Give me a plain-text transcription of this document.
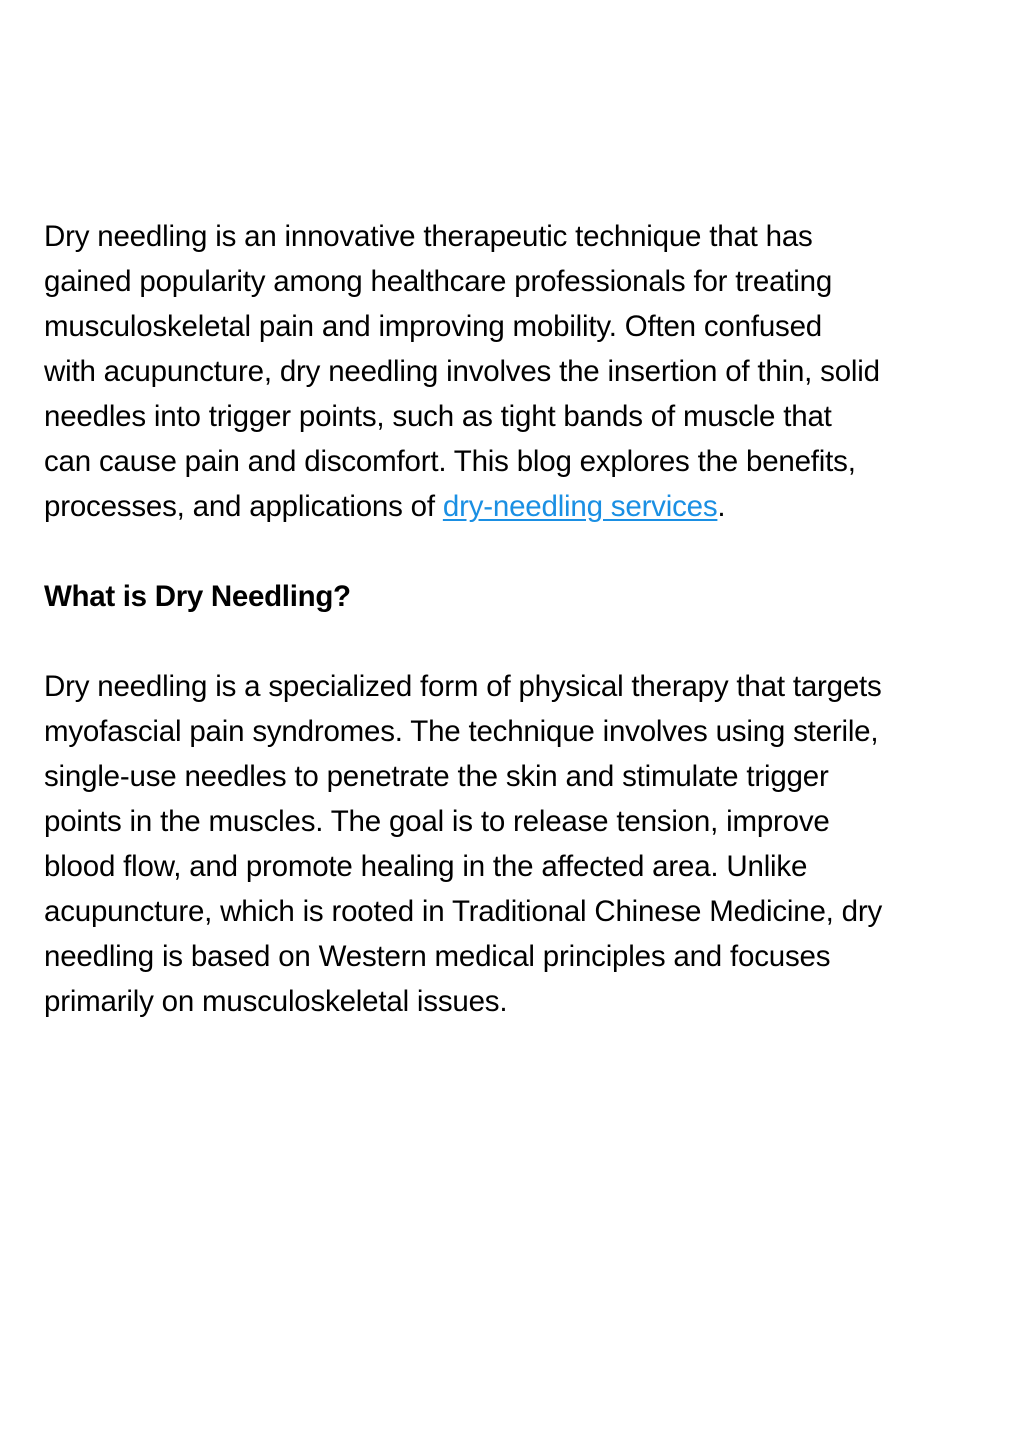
Dry needling is an innovative therapeutic technique that has
gained popularity among healthcare professionals for treating
musculoskeletal pain and improving mobility. Often confused
with acupuncture, dry needling involves the insertion of thin, solid
needles into trigger points, such as tight bands of muscle that
can cause pain and discomfort. This blog explores the benefits,
processes, and applications of dry-needling services.

What is Dry Needling?

Dry needling is a specialized form of physical therapy that targets
myofascial pain syndromes. The technique involves using sterile,
single-use needles to penetrate the skin and stimulate trigger
points in the muscles. The goal is to release tension, improve
blood flow, and promote healing in the affected area. Unlike
acupuncture, which is rooted in Traditional Chinese Medicine, dry
needling is based on Western medical principles and focuses
primarily on musculoskeletal issues.
